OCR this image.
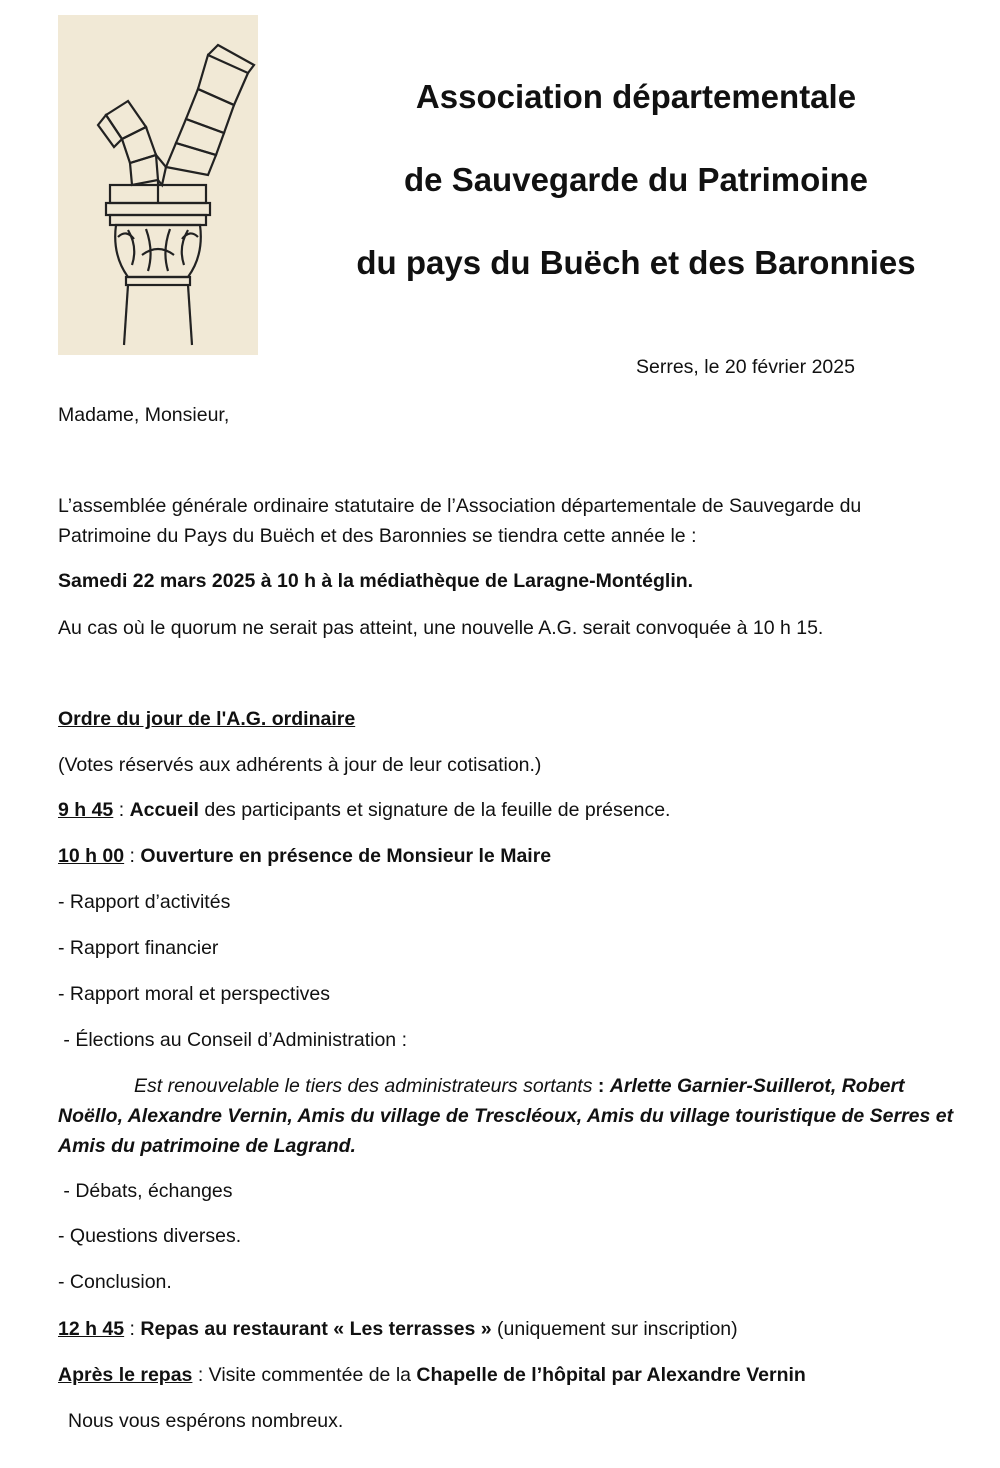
Association départementale
de Sauvegarde du Patrimoine
du pays du Buëch et des Baronnies
Serres, le 20 février 2025
Madame, Monsieur,
L’assemblée générale ordinaire statutaire de l’Association départementale de Sauvegarde du Patrimoine du Pays du Buëch et des Baronnies se tiendra cette année le :
Samedi 22 mars 2025 à 10 h à la médiathèque de Laragne-Montéglin.
Au cas où le quorum ne serait pas atteint, une nouvelle A.G. serait convoquée à 10 h 15.
Ordre du jour de l'A.G. ordinaire
(Votes réservés aux adhérents à jour de leur cotisation.)
9 h 45 : Accueil des participants et signature de la feuille de présence.
10 h 00 : Ouverture en présence de Monsieur le Maire
- Rapport d’activités
- Rapport financier
- Rapport moral et perspectives
- Élections au Conseil d’Administration :
Est renouvelable le tiers des administrateurs sortants : Arlette Garnier-Suillerot, Robert Noëllo, Alexandre Vernin, Amis du village de Trescléoux, Amis du village touristique de Serres et Amis du patrimoine de Lagrand.
- Débats, échanges
- Questions diverses.
- Conclusion.
12 h 45 : Repas au restaurant « Les terrasses » (uniquement sur inscription)
Après le repas : Visite commentée de la Chapelle de l’hôpital par Alexandre Vernin
Nous vous espérons nombreux.
